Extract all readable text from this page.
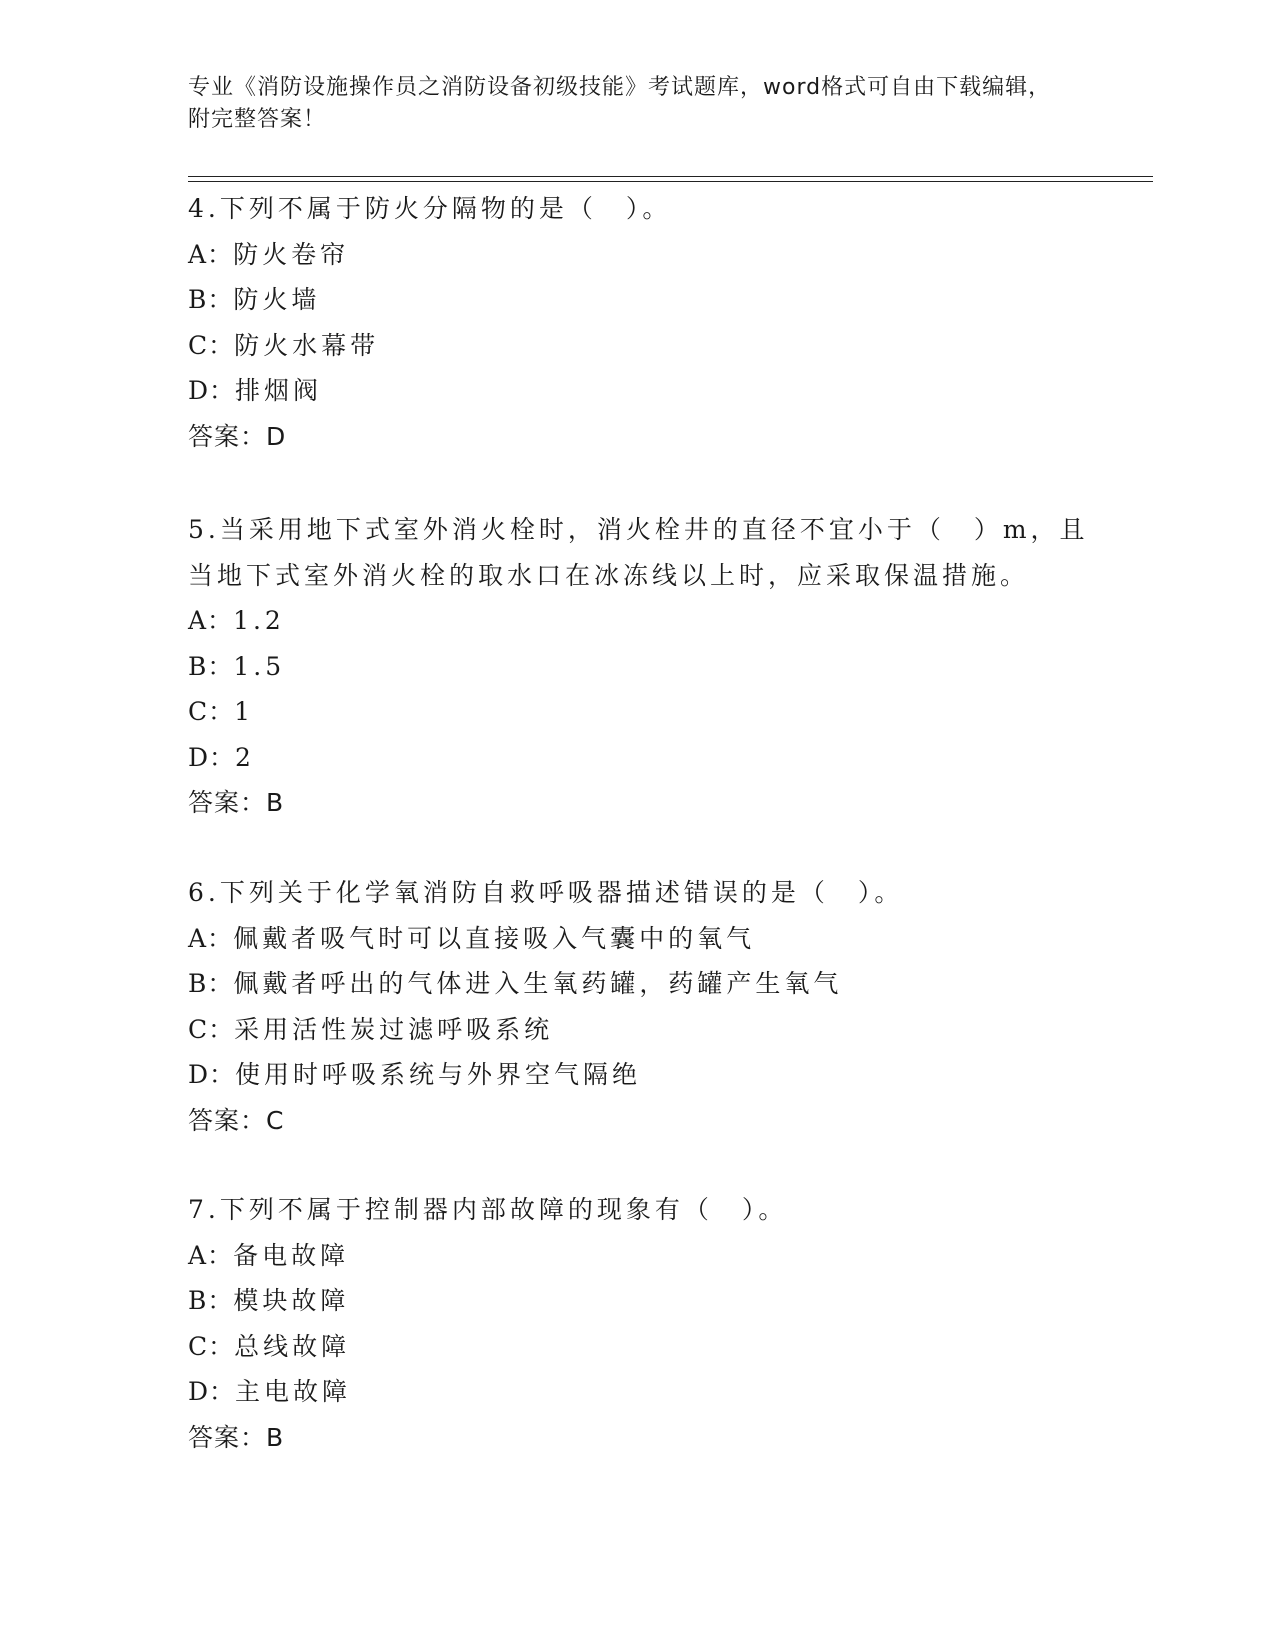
专业《消防设施操作员之消防设备初级技能》考试题库，word格式可自由下载编辑，附完整答案！
4.下列不属于防火分隔物的是（　）。
A：防火卷帘
B：防火墙
C：防火水幕带
D：排烟阀
答案：D
5.当采用地下式室外消火栓时，消火栓井的直径不宜小于（　）m，且
当地下式室外消火栓的取水口在冰冻线以上时，应采取保温措施。
A：1.2
B：1.5
C：1
D：2
答案：B
6.下列关于化学氧消防自救呼吸器描述错误的是（　）。
A：佩戴者吸气时可以直接吸入气囊中的氧气
B：佩戴者呼出的气体进入生氧药罐，药罐产生氧气
C：采用活性炭过滤呼吸系统
D：使用时呼吸系统与外界空气隔绝
答案：C
7.下列不属于控制器内部故障的现象有（　）。
A：备电故障
B：模块故障
C：总线故障
D：主电故障
答案：B
